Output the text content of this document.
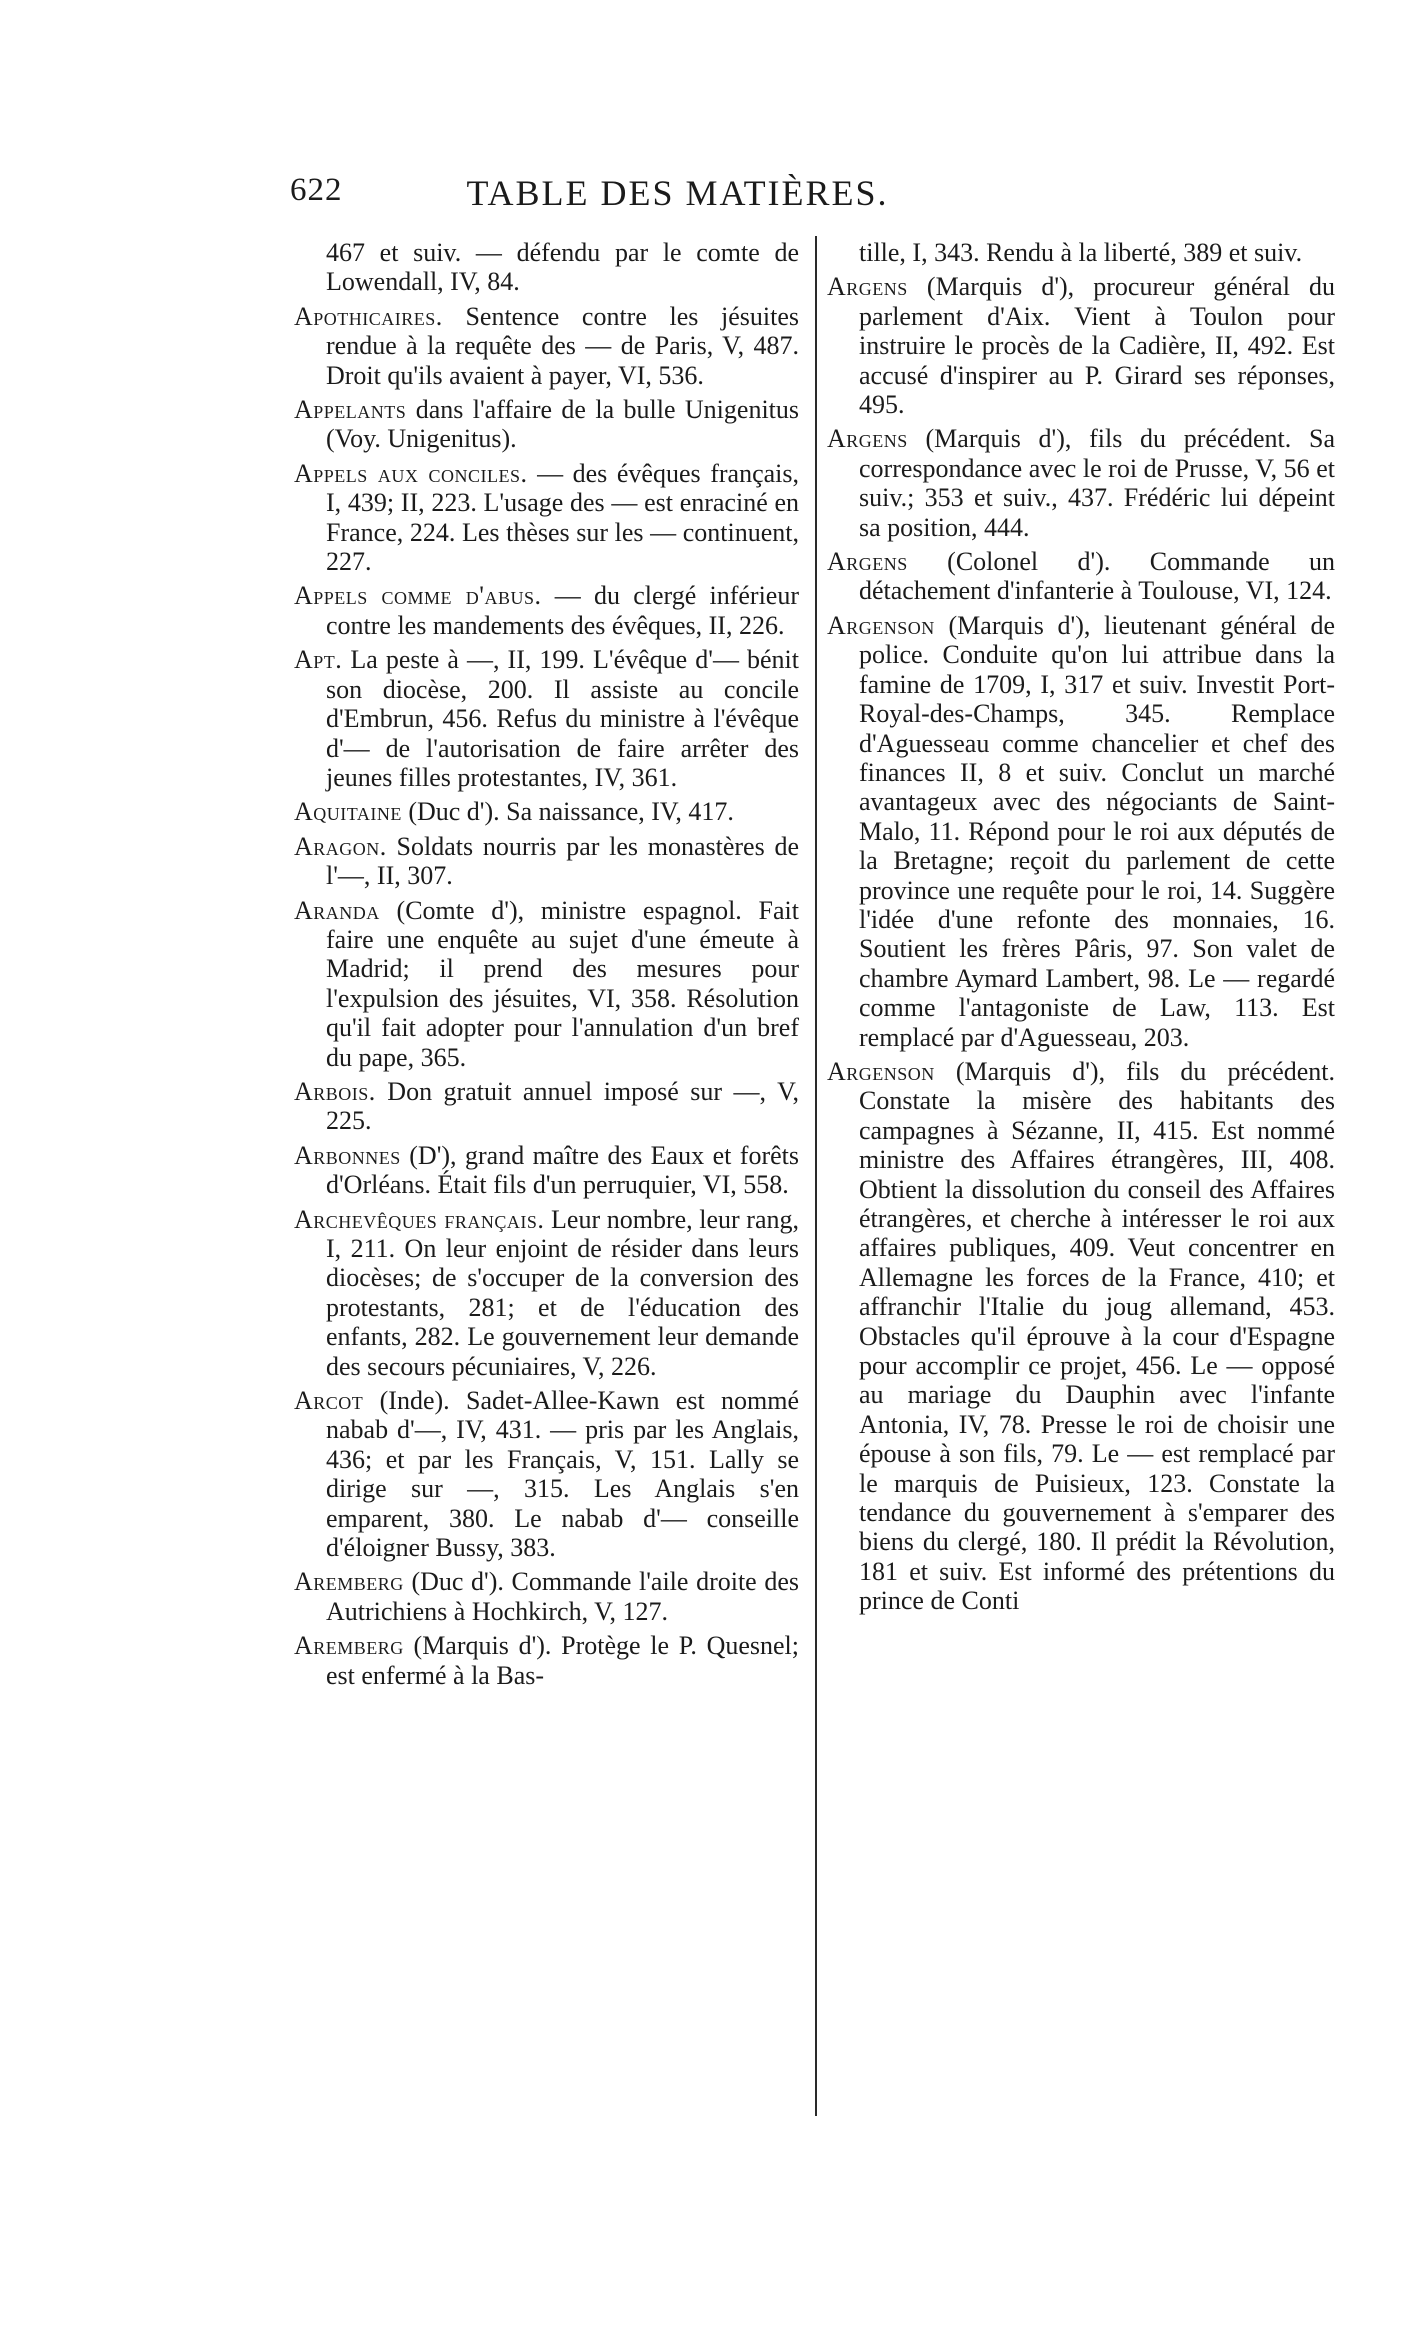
622	TABLE DES MATIÈRES.

467 et suiv. — défendu par le comte de Lowendall, IV, 84.

Apothicaires. Sentence contre les jésuites rendue à la requête des — de Paris, V, 487. Droit qu'ils avaient à payer, VI, 536.

Appelants dans l'affaire de la bulle Unigenitus (Voy. Unigenitus).

Appels aux conciles. — des évêques français, I, 439; II, 223. L'usage des — est enraciné en France, 224. Les thèses sur les — continuent, 227.

Appels comme d'abus. — du clergé inférieur contre les mandements des évêques, II, 226.

Apt. La peste à —, II, 199. L'évêque d'— bénit son diocèse, 200. Il assiste au concile d'Embrun, 456. Refus du ministre à l'évêque d'— de l'autorisation de faire arrêter des jeunes filles protestantes, IV, 361.

Aquitaine (Duc d'). Sa naissance, IV, 417.

Aragon. Soldats nourris par les monastères de l'—, II, 307.

Aranda (Comte d'), ministre espagnol. Fait faire une enquête au sujet d'une émeute à Madrid; il prend des mesures pour l'expulsion des jésuites, VI, 358. Résolution qu'il fait adopter pour l'annulation d'un bref du pape, 365.

Arbois. Don gratuit annuel imposé sur —, V, 225.

Arbonnes (D'), grand maître des Eaux et forêts d'Orléans. Était fils d'un perruquier, VI, 558.

Archevêques français. Leur nombre, leur rang, I, 211. On leur enjoint de résider dans leurs diocèses; de s'occuper de la conversion des protestants, 281; et de l'éducation des enfants, 282. Le gouvernement leur demande des secours pécuniaires, V, 226.

Arcot (Inde). Sadet-Allee-Kawn est nommé nabab d'—, IV, 431. — pris par les Anglais, 436; et par les Français, V, 151. Lally se dirige sur —, 315. Les Anglais s'en emparent, 380. Le nabab d'— conseille d'éloigner Bussy, 383.

Aremberg (Duc d'). Commande l'aile droite des Autrichiens à Hochkirch, V, 127.

Aremberg (Marquis d'). Protège le P. Quesnel; est enfermé à la Bas-

tille, I, 343. Rendu à la liberté, 389 et suiv.

Argens (Marquis d'), procureur général du parlement d'Aix. Vient à Toulon pour instruire le procès de la Cadière, II, 492. Est accusé d'inspirer au P. Girard ses réponses, 495.

Argens (Marquis d'), fils du précédent. Sa correspondance avec le roi de Prusse, V, 56 et suiv.; 353 et suiv., 437. Frédéric lui dépeint sa position, 444.

Argens (Colonel d'). Commande un détachement d'infanterie à Toulouse, VI, 124.

Argenson (Marquis d'), lieutenant général de police. Conduite qu'on lui attribue dans la famine de 1709, I, 317 et suiv. Investit Port-Royal-des-Champs, 345. Remplace d'Aguesseau comme chancelier et chef des finances II, 8 et suiv. Conclut un marché avantageux avec des négociants de Saint-Malo, 11. Répond pour le roi aux députés de la Bretagne; reçoit du parlement de cette province une requête pour le roi, 14. Suggère l'idée d'une refonte des monnaies, 16. Soutient les frères Pâris, 97. Son valet de chambre Aymard Lambert, 98. Le — regardé comme l'antagoniste de Law, 113. Est remplacé par d'Aguesseau, 203.

Argenson (Marquis d'), fils du précédent. Constate la misère des habitants des campagnes à Sézanne, II, 415. Est nommé ministre des Affaires étrangères, III, 408. Obtient la dissolution du conseil des Affaires étrangères, et cherche à intéresser le roi aux affaires publiques, 409. Veut concentrer en Allemagne les forces de la France, 410; et affranchir l'Italie du joug allemand, 453. Obstacles qu'il éprouve à la cour d'Espagne pour accomplir ce projet, 456. Le — opposé au mariage du Dauphin avec l'infante Antonia, IV, 78. Presse le roi de choisir une épouse à son fils, 79. Le — est remplacé par le marquis de Puisieux, 123. Constate la tendance du gouvernement à s'emparer des biens du clergé, 180. Il prédit la Révolution, 181 et suiv. Est informé des prétentions du prince de Conti
